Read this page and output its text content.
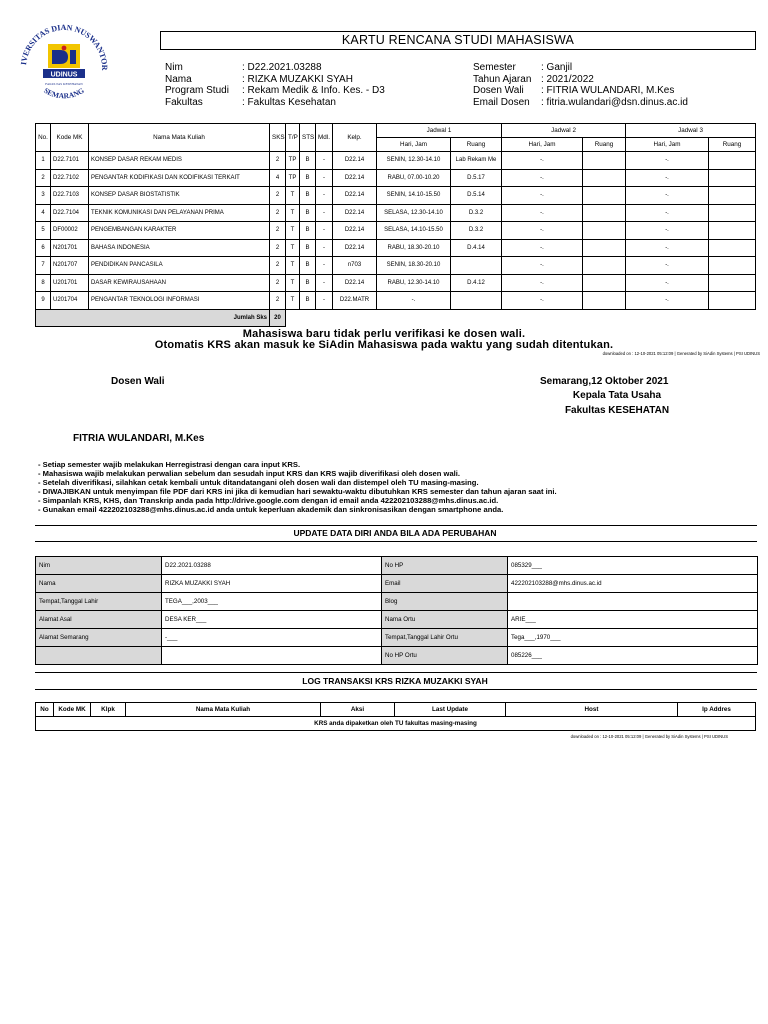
IVERSITAS DIAN NUSWANTOR
SEMARANG
UDINUS
FAKULTAS KESEHATAN
KARTU RENCANA STUDI MAHASISWA
Nim	: D22.2021.03288
Nama	: RIZKA MUZAKKI SYAH
Program Studi : Rekam Medik & Info. Kes. - D3
Fakultas	: Fakultas Kesehatan
Semester	: Ganjil
Tahun Ajaran : 2021/2022
Dosen Wali : FITRIA WULANDARI, M.Kes
Email Dosen : fitria.wulandari@dsn.dinus.ac.id
No.	Kode MK	Nama Mata Kuliah	SKS	T/P	STS	Mdl.	Kelp.	Jadwal 1		Jadwal 2		Jadwal 3	
								Hari, Jam	Ruang	Hari, Jam	Ruang	Hari, Jam	Ruang
1	D22.7101	KONSEP DASAR REKAM MEDIS	2	TP	B	-	D22.14	SENIN, 12.30-14.10	Lab Rekam Me	-.		-.	
2	D22.7102	PENGANTAR KODIFIKASI DAN KODIFIKASI TERKAIT	4	TP	B	-	D22.14	RABU, 07.00-10.20	D.5.17	-.		-.	
3	D22.7103	KONSEP DASAR BIOSTATISTIK	2	T	B	-	D22.14	SENIN, 14.10-15.50	D.5.14	-.		-.	
4	D22.7104	TEKNIK KOMUNIKASI DAN PELAYANAN PRIMA	2	T	B	-	D22.14	SELASA, 12.30-14.10	D.3.2	-.		-.	
5	DF00002	PENGEMBANGAN KARAKTER	2	T	B	-	D22.14	SELASA, 14.10-15.50	D.3.2	-.		-.	
6	N201701	BAHASA INDONESIA	2	T	B	-	D22.14	RABU, 18.30-20.10	D.4.14	-.		-.	
7	N201707	PENDIDIKAN PANCASILA	2	T	B	-	n703	SENIN, 18.30-20.10		-.		-.	
8	U201701	DASAR KEWIRAUSAHAAN	2	T	B	-	D22.14	RABU, 12.30-14.10	D.4.12	-.		-.	
9	U201704	PENGANTAR TEKNOLOGI INFORMASI	2	T	B	-	D22.MATR	-.		-.		-.	
Jumlah Sks			20										
Mahasiswa baru tidak perlu verifikasi ke dosen wali.
Otomatis KRS akan masuk ke SiAdin Mahasiswa pada waktu yang sudah ditentukan.
downloaded on : 12-10-2021 05:12:09 | Generated by SiAdin Systems | PSI UDINUS
Dosen Wali
FITRIA WULANDARI, M.Kes
Semarang,12 Oktober 2021
Kepala Tata Usaha
Fakultas KESEHATAN
- Setiap semester wajib melakukan Herregistrasi dengan cara input KRS.
- Mahasiswa wajib melakukan perwalian sebelum dan sesudah input KRS dan KRS wajib diverifikasi oleh dosen wali.
- Setelah diverifikasi, silahkan cetak kembali untuk ditandatangani oleh dosen wali dan distempel oleh TU masing-masing.
- DIWAJIBKAN untuk menyimpan file PDF dari KRS ini jika di kemudian hari sewaktu-waktu dibutuhkan KRS semester dan tahun ajaran saat ini.
- Simpanlah KRS, KHS, dan Transkrip anda pada http://drive.google.com dengan id email anda 422202103288@mhs.dinus.ac.id.
- Gunakan email 422202103288@mhs.dinus.ac.id anda untuk keperluan akademik dan sinkronisasikan dengan smartphone anda.
UPDATE DATA DIRI ANDA BILA ADA PERUBAHAN
Nim	D22.2021.03288	No HP	085329___
Nama	RIZKA MUZAKKI SYAH	Email	422202103288@mhs.dinus.ac.id
Tempat,Tanggal Lahir	TEGA___,2003___	Blog	
Alamat Asal	DESA KER___	Nama Ortu	ARIE___
Alamat Semarang	-___	Tempat,Tanggal Lahir Ortu	Tega___,1970___
		No HP Ortu	085226___
LOG TRANSAKSI KRS RIZKA MUZAKKI SYAH
No	Kode MK	Klpk	Nama Mata Kuliah	Aksi	Last Update	Host	Ip Addres
KRS anda dipaketkan oleh TU fakultas masing-masing
downloaded on : 12-10-2021 05:12:09 | Generated by SiAdin Systems | PSI UDINUS
